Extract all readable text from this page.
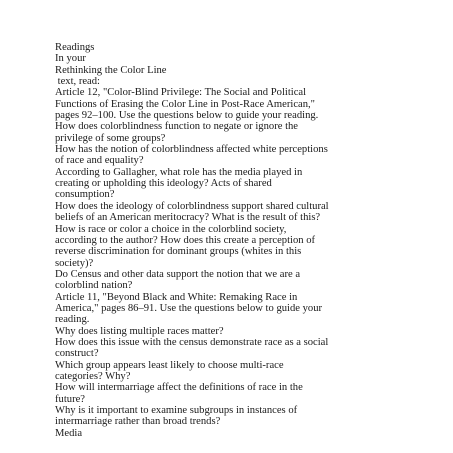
Readings
In your
Rethinking the Color Line
text, read:
Article 12, "Color-Blind Privilege: The Social and Political
Functions of Erasing the Color Line in Post-Race American,"
pages 92–100. Use the questions below to guide your reading.
How does colorblindness function to negate or ignore the
privilege of some groups?
How has the notion of colorblindness affected white perceptions
of race and equality?
According to Gallagher, what role has the media played in
creating or upholding this ideology? Acts of shared
consumption?
How does the ideology of colorblindness support shared cultural
beliefs of an American meritocracy? What is the result of this?
How is race or color a choice in the colorblind society,
according to the author? How does this create a perception of
reverse discrimination for dominant groups (whites in this
society)?
Do Census and other data support the notion that we are a
colorblind nation?
Article 11, "Beyond Black and White: Remaking Race in
America," pages 86–91. Use the questions below to guide your
reading.
Why does listing multiple races matter?
How does this issue with the census demonstrate race as a social
construct?
Which group appears least likely to choose multi-race
categories? Why?
How will intermarriage affect the definitions of race in the
future?
Why is it important to examine subgroups in instances of
intermarriage rather than broad trends?
Media
